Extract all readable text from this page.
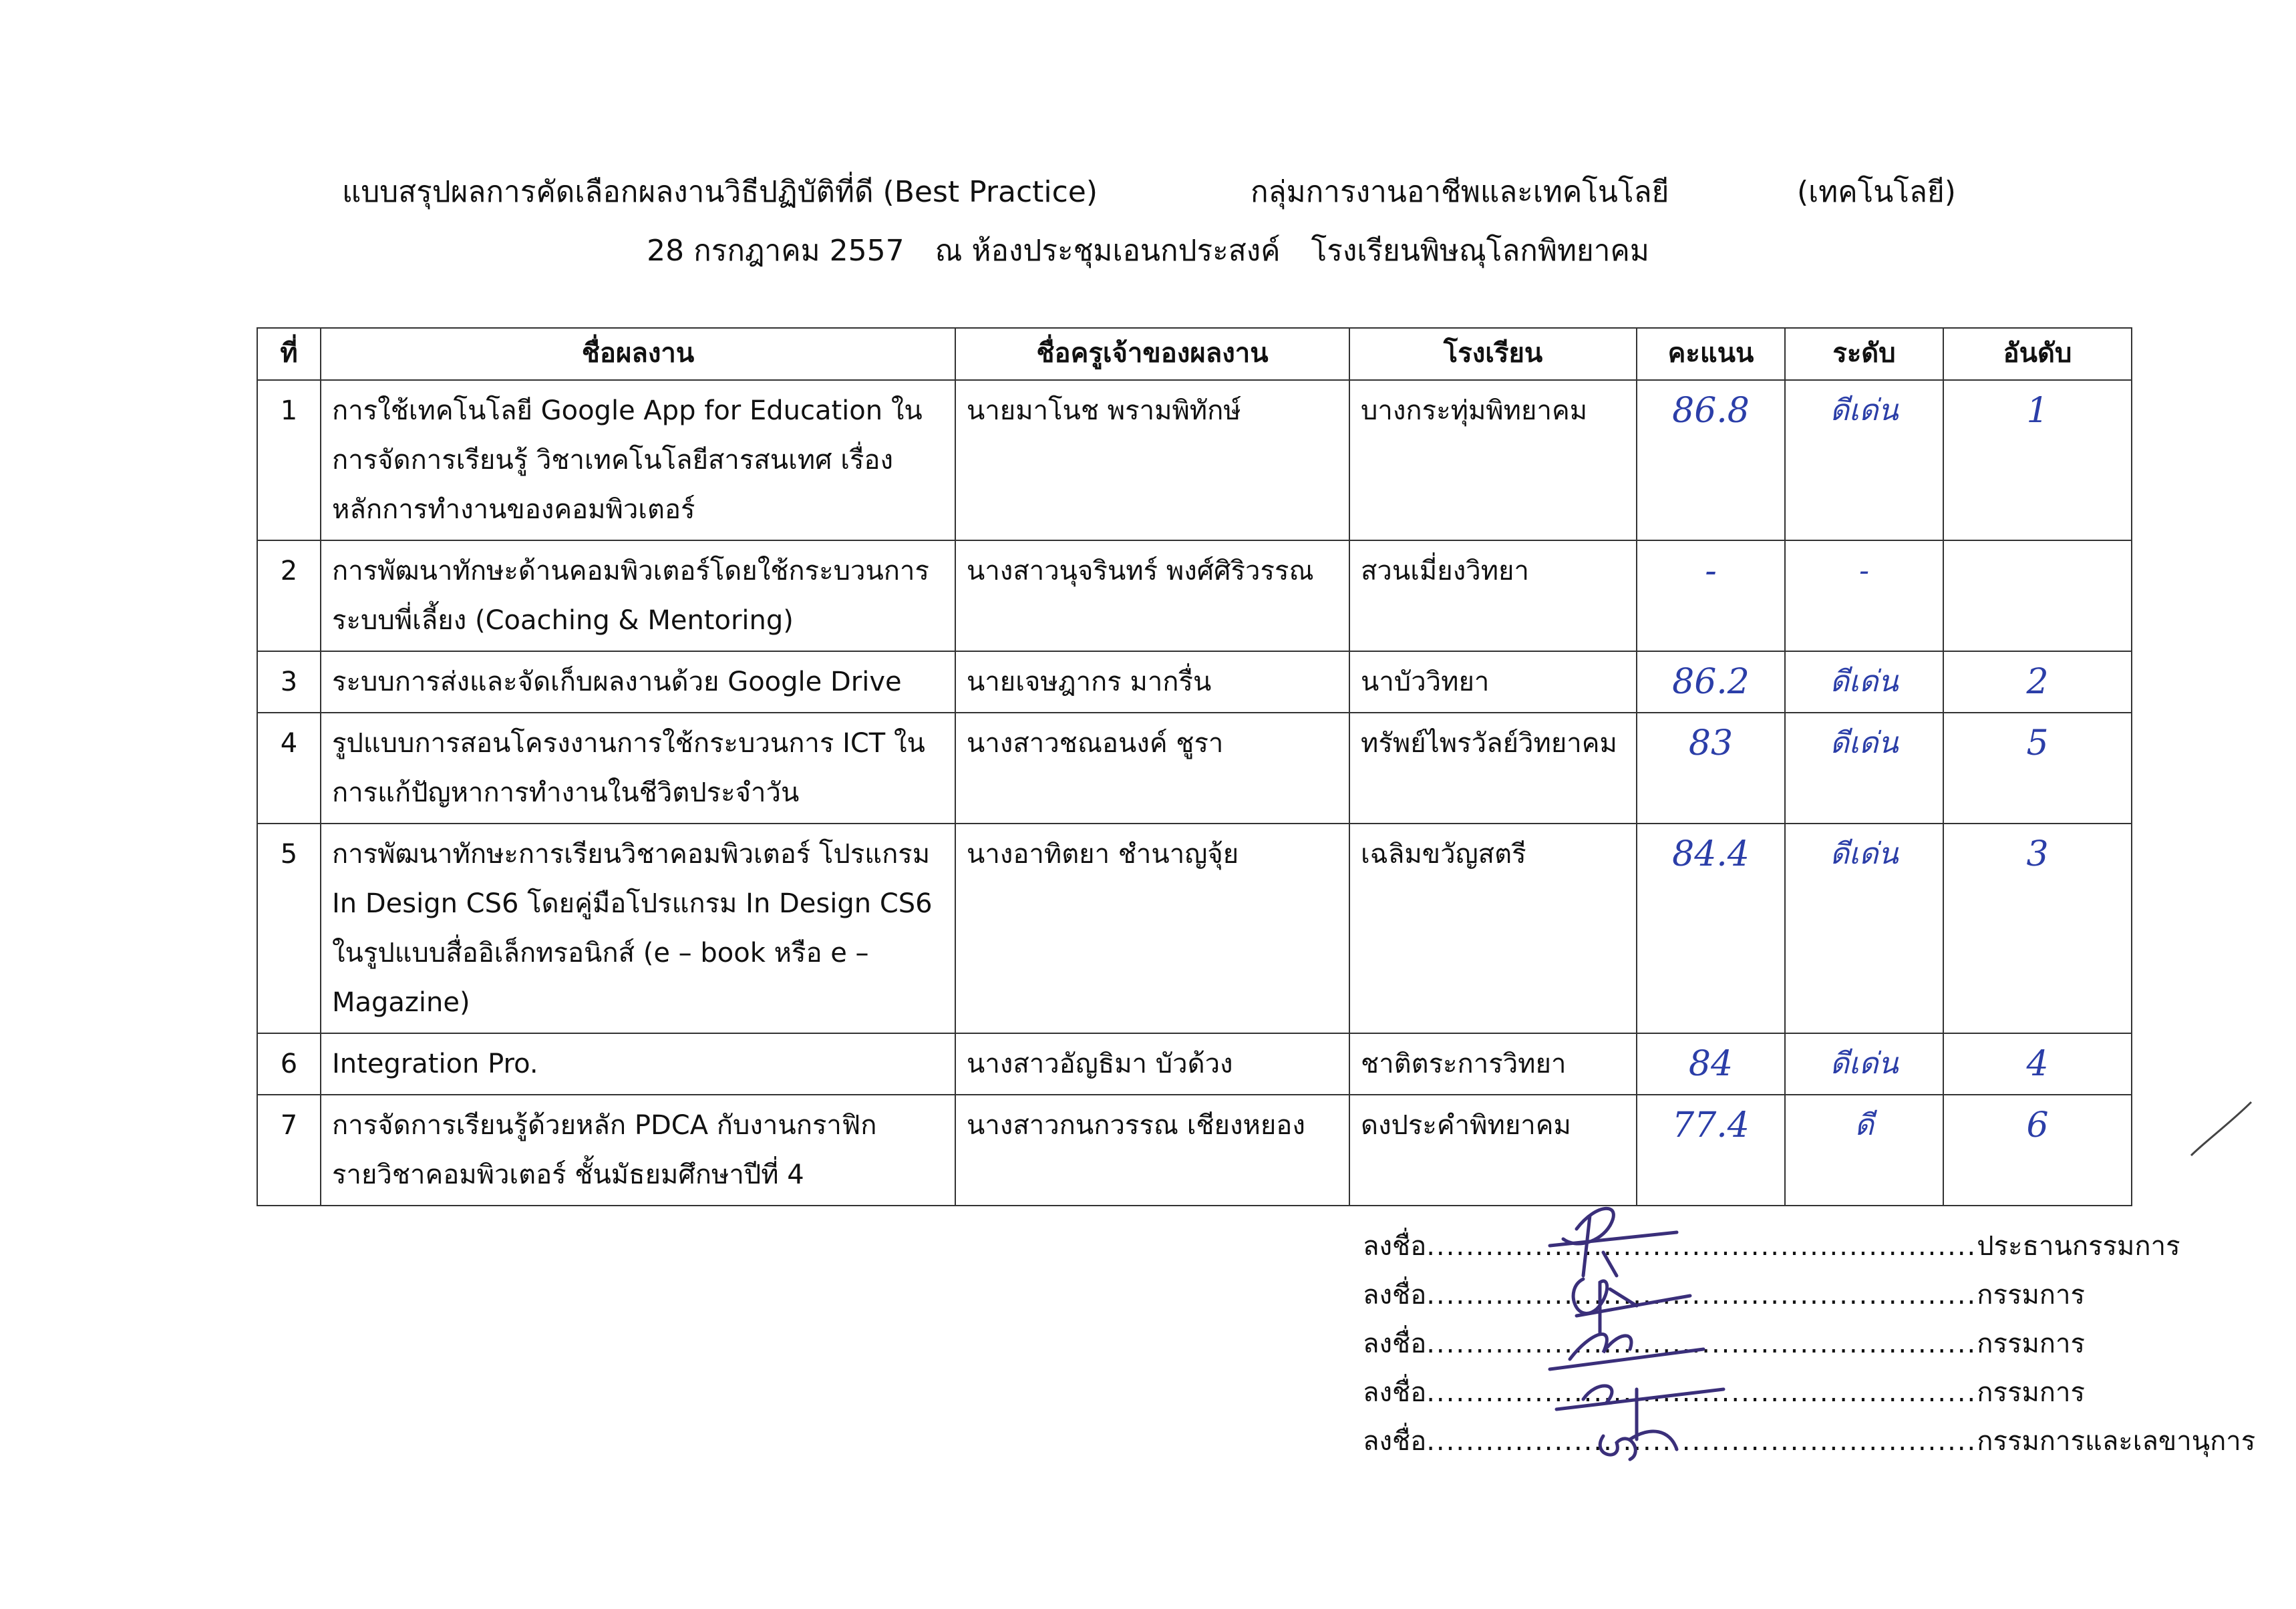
แบบสรุปผลการคัดเลือกผลงานวิธีปฏิบัติที่ดี (Best Practice)	กลุ่มการงานอาชีพและเทคโนโลยี	(เทคโนโลยี)
28 กรกฎาคม 2557 ณ ห้องประชุมเอนกประสงค์ โรงเรียนพิษณุโลกพิทยาคม
ที่	ชื่อผลงาน	ชื่อครูเจ้าของผลงาน	โรงเรียน	คะแนน	ระดับ	อันดับ
1	การใช้เทคโนโลยี Google App for Education ในการจัดการเรียนรู้ วิชาเทคโนโลยีสารสนเทศ เรื่อง หลักการทำงานของคอมพิวเตอร์	นายมาโนช พรามพิทักษ์	บางกระทุ่มพิทยาคม	86.8	ดีเด่น	1
2	การพัฒนาทักษะด้านคอมพิวเตอร์โดยใช้กระบวนการ ระบบพี่เลี้ยง (Coaching & Mentoring)	นางสาวนุจรินทร์ พงศ์ศิริวรรณ	สวนเมี่ยงวิทยา	-	-	
3	ระบบการส่งและจัดเก็บผลงานด้วย Google Drive	นายเจษฎากร มากรื่น	นาบัววิทยา	86.2	ดีเด่น	2
4	รูปแบบการสอนโครงงานการใช้กระบวนการ ICT ในการแก้ปัญหาการทำงานในชีวิตประจำวัน	นางสาวชณอนงค์ ชูรา	ทรัพย์ไพรวัลย์วิทยาคม	83	ดีเด่น	5
5	การพัฒนาทักษะการเรียนวิชาคอมพิวเตอร์ โปรแกรม In Design CS6 โดยคู่มือโปรแกรม In Design CS6 ในรูปแบบสื่ออิเล็กทรอนิกส์ (e – book หรือ e – Magazine)	นางอาทิตยา ชำนาญจุ้ย	เฉลิมขวัญสตรี	84.4	ดีเด่น	3
6	Integration Pro.	นางสาวอัญธิมา บัวด้วง	ชาติตระการวิทยา	84	ดีเด่น	4
7	การจัดการเรียนรู้ด้วยหลัก PDCA กับงานกราฟิก รายวิชาคอมพิวเตอร์ ชั้นมัธยมศึกษาปีที่ 4	นางสาวกนกวรรณ เชียงหยอง	ดงประคำพิทยาคม	77.4	ดี	6
ลงชื่อ........................................................ประธานกรรมการ
ลงชื่อ........................................................กรรมการ
ลงชื่อ........................................................กรรมการ
ลงชื่อ........................................................กรรมการ
ลงชื่อ........................................................กรรมการและเลขานุการ
